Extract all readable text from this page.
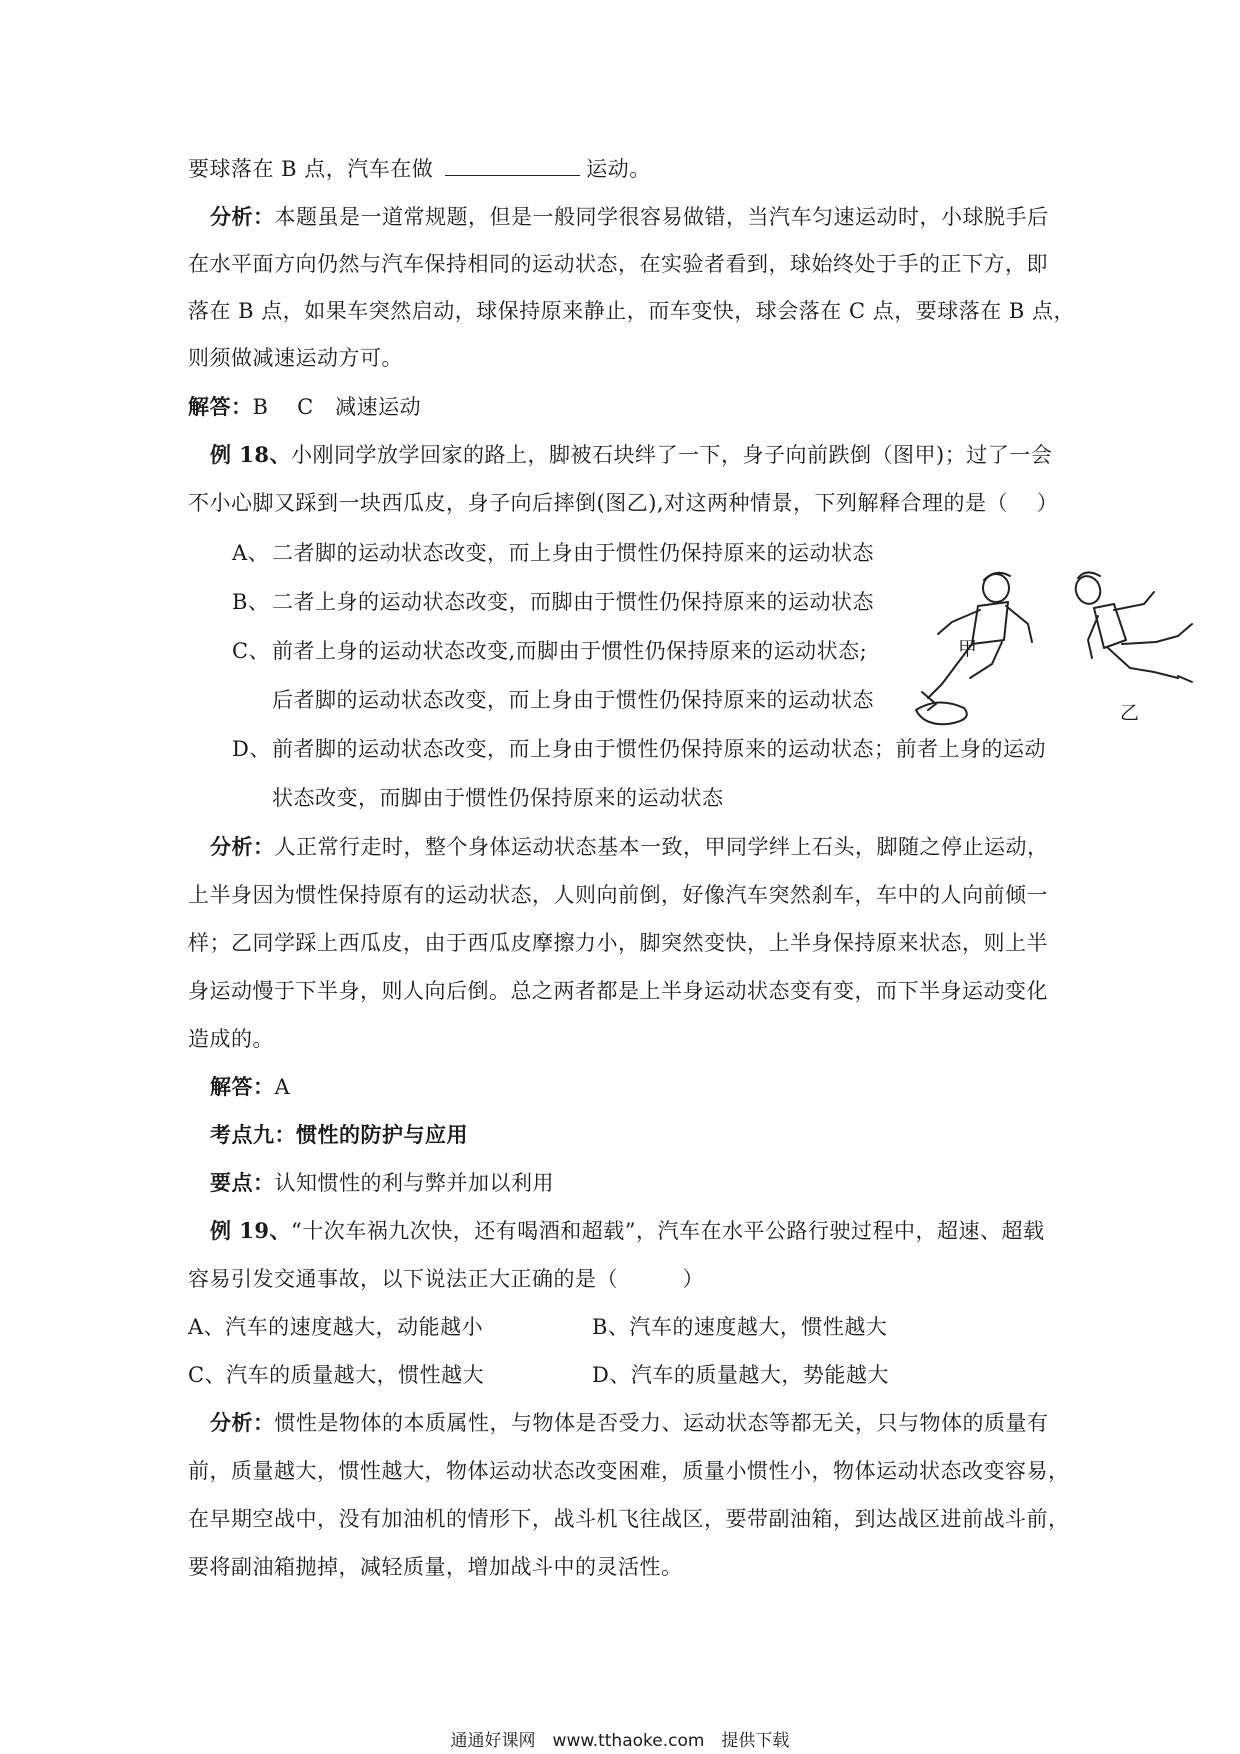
要球落在 B 点，汽车在做	运动。
分析：本题虽是一道常规题，但是一般同学很容易做错，当汽车匀速运动时，小球脱手后
在水平面方向仍然与汽车保持相同的运动状态，在实验者看到，球始终处于手的正下方，即
落在 B 点，如果车突然启动，球保持原来静止，而车变快，球会落在 C 点，要球落在 B 点，
则须做减速运动方可。
解答：B　 C　减速运动
例 18、小刚同学放学回家的路上，脚被石块绊了一下，身子向前跌倒（图甲)；过了一会
不小心脚又踩到一块西瓜皮，身子向后摔倒(图乙),对这两种情景，下列解释合理的是（　 ）
A、 二者脚的运动状态改变，而上身由于惯性仍保持原来的运动状态
B、 二者上身的运动状态改变，而脚由于惯性仍保持原来的运动状态
C、前者上身的运动状态改变,而脚由于惯性仍保持原来的运动状态;
后者脚的运动状态改变，而上身由于惯性仍保持原来的运动状态
D、前者脚的运动状态改变，而上身由于惯性仍保持原来的运动状态；前者上身的运动
状态改变，而脚由于惯性仍保持原来的运动状态
甲
乙
分析：人正常行走时，整个身体运动状态基本一致，甲同学绊上石头，脚随之停止运动，
上半身因为惯性保持原有的运动状态，人则向前倒，好像汽车突然刹车，车中的人向前倾一
样；乙同学踩上西瓜皮，由于西瓜皮摩擦力小，脚突然变快，上半身保持原来状态，则上半
身运动慢于下半身，则人向后倒。总之两者都是上半身运动状态变有变，而下半身运动变化
造成的。
解答：A
考点九：惯性的防护与应用
要点：认知惯性的利与弊并加以利用
例 19、“十次车祸九次快，还有喝酒和超载”，汽车在水平公路行驶过程中，超速、超载
容易引发交通事故，以下说法正大正确的是（　　　）
A、汽车的速度越大，动能越小	B、汽车的速度越大，惯性越大
C、汽车的质量越大，惯性越大	D、汽车的质量越大，势能越大
分析：惯性是物体的本质属性，与物体是否受力、运动状态等都无关，只与物体的质量有
前，质量越大，惯性越大，物体运动状态改变困难，质量小惯性小，物体运动状态改变容易，
在早期空战中，没有加油机的情形下，战斗机飞往战区，要带副油箱，到达战区进前战斗前，
要将副油箱抛掉，减轻质量，增加战斗中的灵活性。
通通好课网　www.tthaoke.com　提供下载
